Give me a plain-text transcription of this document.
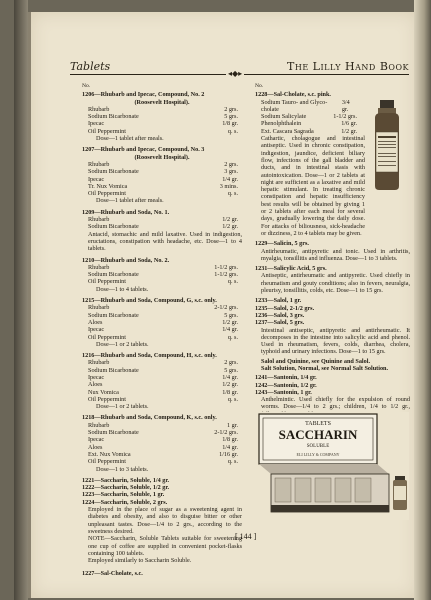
Tablets	The Lilly Hand Book
◂◆▸
No.
1206—Rhubarb and Ipecac, Compound, No. 2
(Roosevelt Hospital).
Rhubarb	2 grs.
Sodium Bicarbonate	5 grs.
Ipecac	1/8 gr.
Oil Peppermint	q. s.
Dose—1 tablet after meals.
1207—Rhubarb and Ipecac, Compound, No. 3
(Roosevelt Hospital).
Rhubarb	2 grs.
Sodium Bicarbonate	3 grs.
Ipecac	1/4 gr.
Tr. Nux Vomica	3 mins.
Oil Peppermint	q. s.
Dose—1 tablet after meals.
1209—Rhubarb and Soda, No. 1.
Rhubarb	1/2 gr.
Sodium Bicarbonate	1/2 gr.
Antacid, stomachic and mild laxative. Used in indigestion, eructations, constipation with headache, etc. Dose—1 to 4 tablets.
1210—Rhubarb and Soda, No. 2.
Rhubarb	1-1/2 grs.
Sodium Bicarbonate	1-1/2 grs.
Oil Peppermint	q. s.
Dose—1 to 4 tablets.
1215—Rhubarb and Soda, Compound, G, s.c. only.
Rhubarb	2-1/2 grs.
Sodium Bicarbonate	5 grs.
Aloes	1/2 gr.
Ipecac	1/4 gr.
Oil Peppermint	q. s.
Dose—1 or 2 tablets.
1216—Rhubarb and Soda, Compound, H, s.c. only.
Rhubarb	2 grs.
Sodium Bicarbonate	5 grs.
Ipecac	1/4 gr.
Aloes	1/2 gr.
Nux Vomica	1/8 gr.
Oil Peppermint	q. s.
Dose—1 or 2 tablets.
1218—Rhubarb and Soda, Compound, K, s.c. only.
Rhubarb	1 gr.
Sodium Bicarbonate	2-1/2 grs.
Ipecac	1/8 gr.
Aloes	1/4 gr.
Ext. Nux Vomica	1/16 gr.
Oil Peppermint	q. s.
Dose—1 to 3 tablets.
1221—Saccharin, Soluble, 1/4 gr.
1222—Saccharin, Soluble, 1/2 gr.
1223—Saccharin, Soluble, 1 gr.
1224—Saccharin, Soluble, 2 grs.
Employed in the place of sugar as a sweetening agent in diabetes and obesity, and also to disguise bitter or other unpleasant tastes. Dose—1/4 to 2 grs., according to the sweetness desired.
NOTE—Saccharin, Soluble Tablets suitable for sweetening one cup of coffee are supplied in convenient pocket-flasks containing 100 tablets.
Employed similarly to Saccharin Soluble.
1227—Sal-Cholate, s.c.
No.
1228—Sal-Cholate, s.c. pink.
Sodium Tauro- and Glyco-cholate
3/4 gr.
Sodium Salicylate	1-1/2 grs.
Phenolphthalein	1/6 gr.
Ext. Cascara Sagrada	1/2 gr.
Cathartic, cholagogue and intestinal antiseptic. Used in chronic constipation, indigestion, jaundice, deficient biliary flow, infections of the gall bladder and ducts, and in intestinal stasis with autointoxication. Dose—1 or 2 tablets at night are sufficient as a laxative and mild hepatic stimulant. In treating chronic constipation and hepatic insufficiency best results will be obtained by giving 1 or 2 tablets after each meal for several days, gradually lowering the daily dose. For attacks of biliousness, sick-headache or dizziness, 2 to 4 tablets may be given.
1229—Salicin, 5 grs.
Antirheumatic, antipyretic and tonic. Used in arthritis, myalgia, tonsillitis and influenza. Dose—1 to 3 tablets.
1231—Salicylic Acid, 5 grs.
Antiseptic, antirheumatic and antipyretic. Used chiefly in rheumatism and gouty conditions; also in fevers, neuralgia, pleurisy, tonsillitis, colds, etc. Dose—1 to 15 grs.
1233—Salol, 1 gr.
1235—Salol, 2-1/2 grs.
1236—Salol, 3 grs.
1237—Salol, 5 grs.
Intestinal antiseptic, antipyretic and antirheumatic. It decomposes in the intestine into salicylic acid and phenol. Used in rheumatism, fevers, colds, diarrhea, cholera, typhoid and urinary infections. Dose—1 to 15 grs.
Salol and Quinine, see Quinine and Salol.
Salt Solution, Normal, see Normal Salt Solution.
1241—Santonin, 1/4 gr.
1242—Santonin, 1/2 gr.
1243—Santonin, 1 gr.
Anthelmintic. Used chiefly for the expulsion of round worms. Dose—1/4 to 2 grs.; children, 1/4 to 1/2 gr.,
TABLETS
SACCHARIN
SOLUBLE
ELI LILLY & COMPANY
[ 144 ]
